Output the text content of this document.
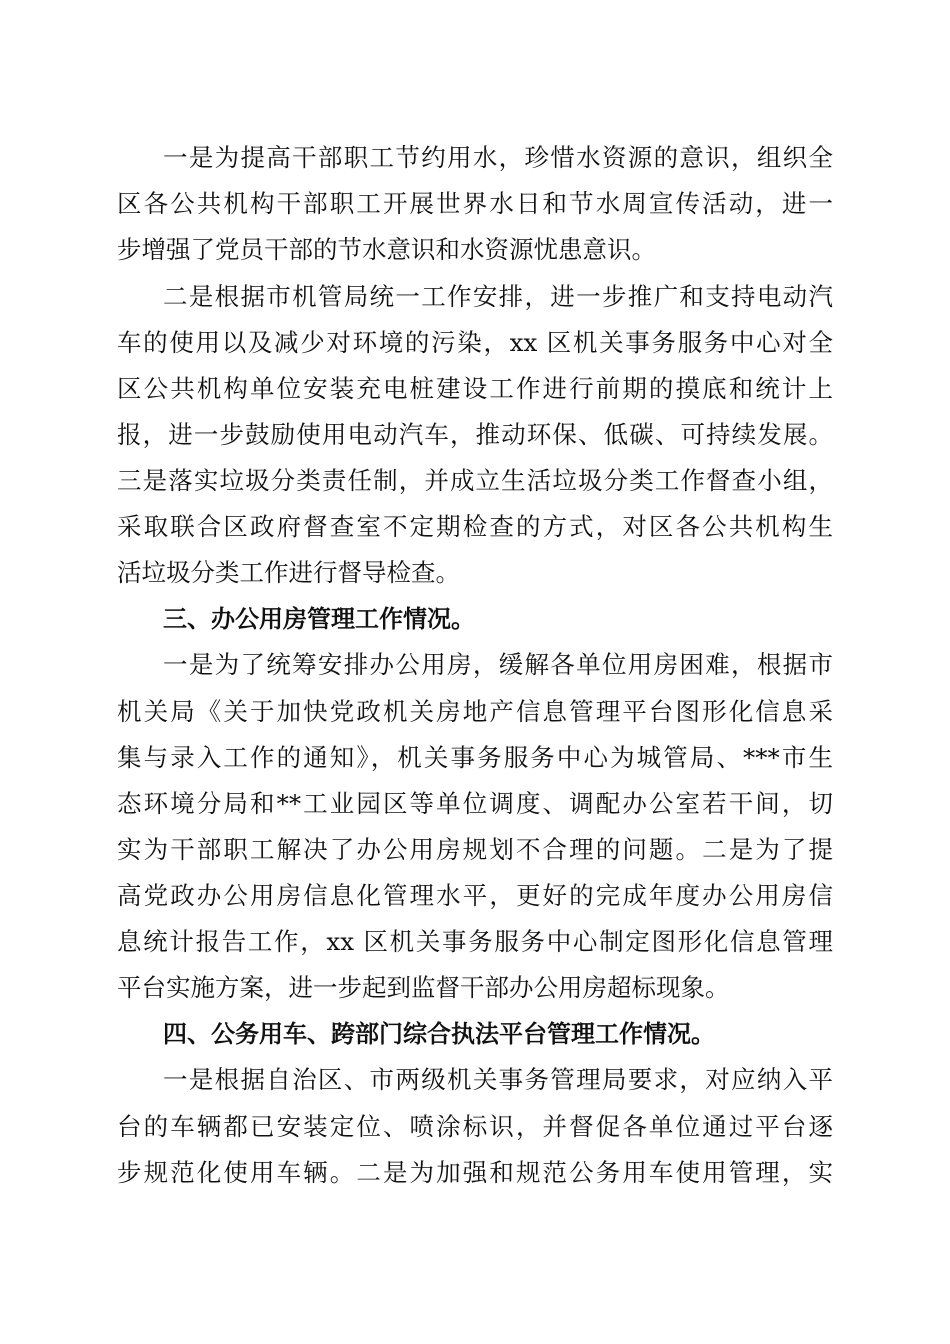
一是为提高干部职工节约用水，珍惜水资源的意识，组织全
区各公共机构干部职工开展世界水日和节水周宣传活动，进一
步增强了党员干部的节水意识和水资源忧患意识。
二是根据市机管局统一工作安排，进一步推广和支持电动汽
车的使用以及减少对环境的污染，xx 区机关事务服务中心对全
区公共机构单位安装充电桩建设工作进行前期的摸底和统计上
报，进一步鼓励使用电动汽车，推动环保、低碳、可持续发展。
三是落实垃圾分类责任制，并成立生活垃圾分类工作督查小组，
采取联合区政府督查室不定期检查的方式，对区各公共机构生
活垃圾分类工作进行督导检查。
三、办公用房管理工作情况。
一是为了统筹安排办公用房，缓解各单位用房困难，根据市
机关局《关于加快党政机关房地产信息管理平台图形化信息采
集与录入工作的通知》，机关事务服务中心为城管局、***市生
态环境分局和**工业园区等单位调度、调配办公室若干间，切
实为干部职工解决了办公用房规划不合理的问题。二是为了提
高党政办公用房信息化管理水平，更好的完成年度办公用房信
息统计报告工作，xx 区机关事务服务中心制定图形化信息管理
平台实施方案，进一步起到监督干部办公用房超标现象。
四、公务用车、跨部门综合执法平台管理工作情况。
一是根据自治区、市两级机关事务管理局要求，对应纳入平
台的车辆都已安装定位、喷涂标识，并督促各单位通过平台逐
步规范化使用车辆。二是为加强和规范公务用车使用管理，实
